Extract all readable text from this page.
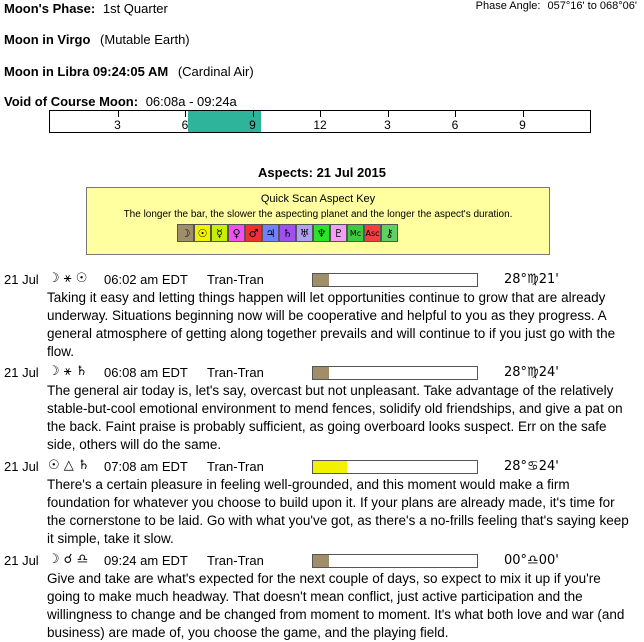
Moon's Phase: 1st Quarter	Phase Angle: 057°16' to 068°06'
Moon in Virgo (Mutable Earth)
Moon in Libra 09:24:05 AM (Cardinal Air)
Void of Course Moon: 06:08a - 09:24a
3	6	9	12	3	6	9
Aspects: 21 Jul 2015
Quick Scan Aspect Key
The longer the bar, the slower the aspecting planet and the longer the aspect's duration.
☽ ☉ ☿ ♀ ♂ ♃ ♄ ♅ ♆ ♇ Mc Asc ⚷
21 Jul ☽ ⚹ ☉ 06:02 am EDT Tran-Tran	28°♍21'
Taking it easy and letting things happen will let opportunities continue to grow that are already underway. Situations beginning now will be cooperative and helpful to you as they progress. A general atmosphere of getting along together prevails and will continue to if you just go with the flow.
21 Jul ☽ ⚹ ♄ 06:08 am EDT Tran-Tran	28°♍24'
The general air today is, let's say, overcast but not unpleasant. Take advantage of the relatively stable-but-cool emotional environment to mend fences, solidify old friendships, and give a pat on the back. Faint praise is probably sufficient, as going overboard looks suspect. Err on the safe side, others will do the same.
21 Jul ☉ △ ♄ 07:08 am EDT Tran-Tran	28°♋24'
There's a certain pleasure in feeling well-grounded, and this moment would make a firm foundation for whatever you choose to build upon it. If your plans are already made, it's time for the cornerstone to be laid. Go with what you've got, as there's a no-frills feeling that's saying keep it simple, take it slow.
21 Jul ☽ ☌ ♎ 09:24 am EDT Tran-Tran	00°♎00'
Give and take are what's expected for the next couple of days, so expect to mix it up if you're going to make much headway. That doesn't mean conflict, just active participation and the willingness to change and be changed from moment to moment. It's what both love and war (and business) are made of, you choose the game, and the playing field.
